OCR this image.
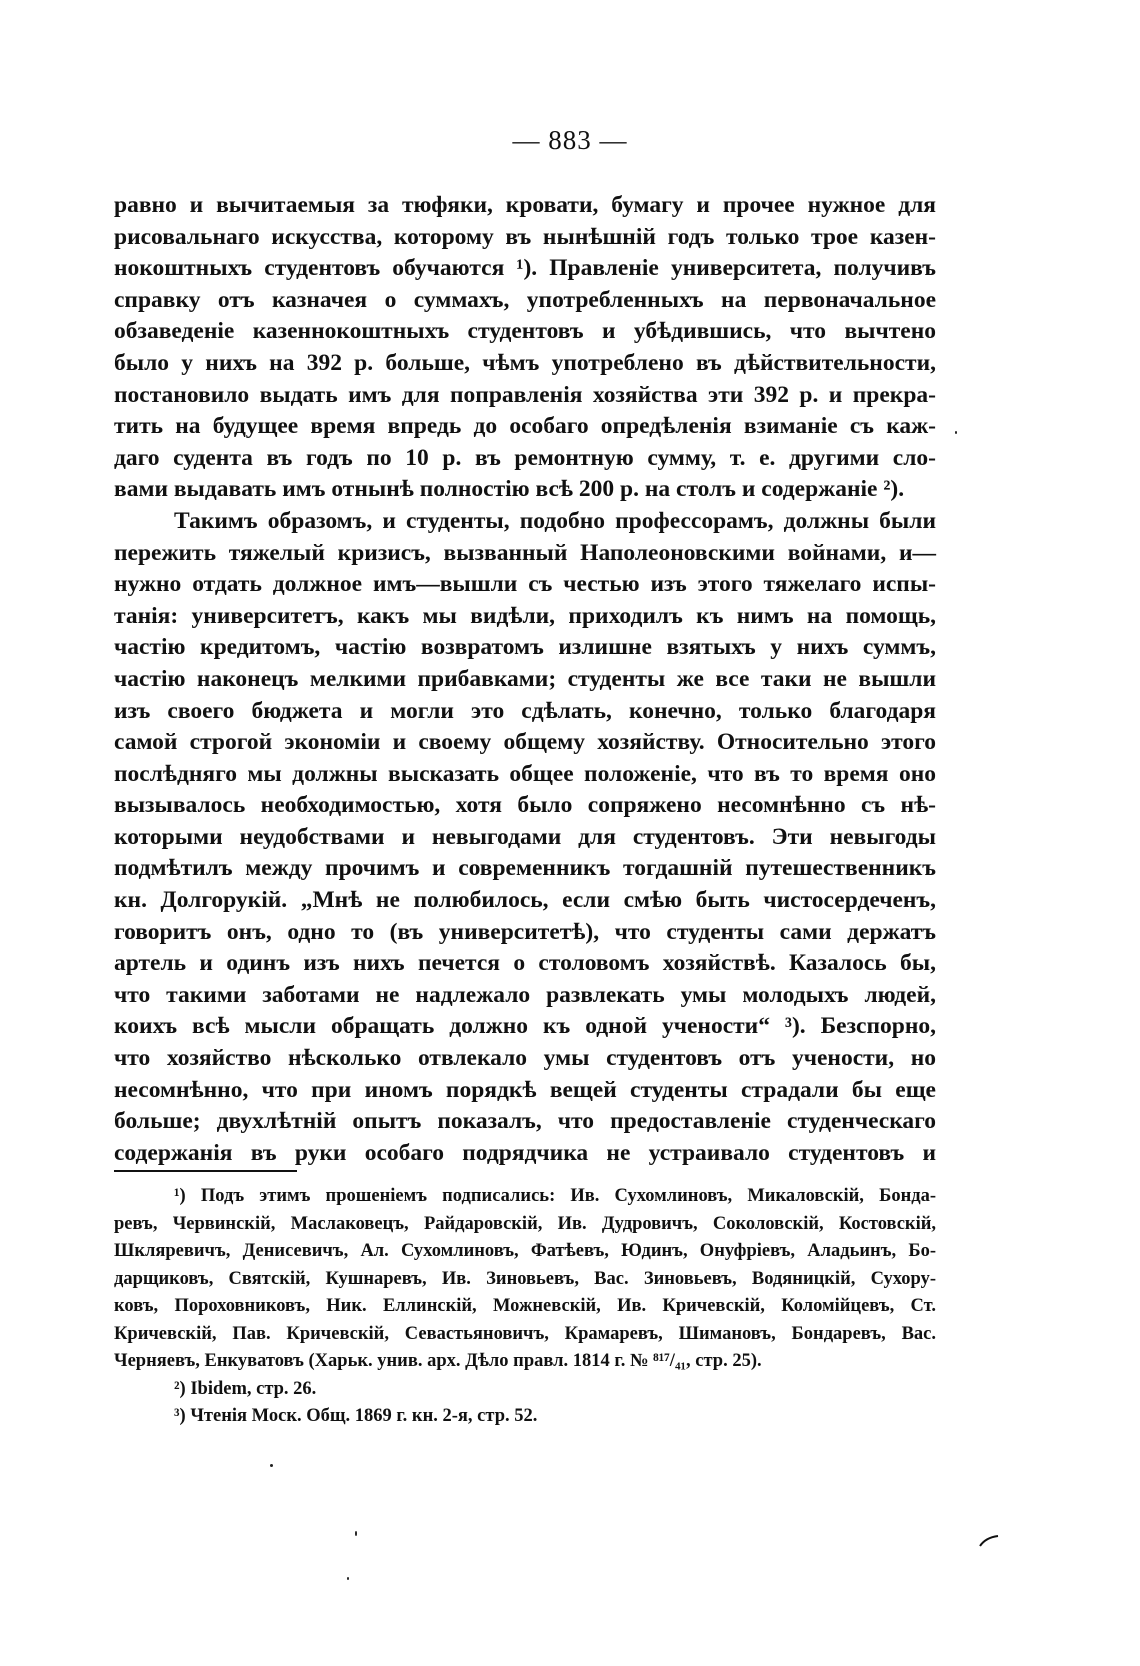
— 883 —
равно и вычитаемыя за тюфяки, кровати, бумагу и прочее нужное для
рисовальнаго искусства, которому въ нынѣшній годъ только трое казен-
нокоштныхъ студентовъ обучаются ¹). Правленіе университета, получивъ
справку отъ казначея о суммахъ, употребленныхъ на первоначальное
обзаведеніе казеннокоштныхъ студентовъ и убѣдившись, что вычтено
было у нихъ на 392 р. больше, чѣмъ употреблено въ дѣйствительности,
постановило выдать имъ для поправленія хозяйства эти 392 р. и прекра-
тить на будущее время впредь до особаго опредѣленія взиманіе съ каж-
даго судента въ годъ по 10 р. въ ремонтную сумму, т. е. другими сло-
вами выдавать имъ отнынѣ полностію всѣ 200 р. на столъ и содержаніе ²).
Такимъ образомъ, и студенты, подобно профессорамъ, должны были
пережить тяжелый кризисъ, вызванный Наполеоновскими войнами, и—
нужно отдать должное имъ—вышли съ честью изъ этого тяжелаго испы-
танія: университетъ, какъ мы видѣли, приходилъ къ нимъ на помощь,
частію кредитомъ, частію возвратомъ излишне взятыхъ у нихъ суммъ,
частію наконецъ мелкими прибавками; студенты же все таки не вышли
изъ своего бюджета и могли это сдѣлать, конечно, только благодаря
самой строгой экономіи и своему общему хозяйству. Относительно этого
послѣдняго мы должны высказать общее положеніе, что въ то время оно
вызывалось необходимостью, хотя было сопряжено несомнѣнно съ нѣ-
которыми неудобствами и невыгодами для студентовъ. Эти невыгоды
подмѣтилъ между прочимъ и современникъ тогдашній путешественникъ
кн. Долгорукій. „Мнѣ не полюбилось, если смѣю быть чистосердеченъ,
говоритъ онъ, одно то (въ университетѣ), что студенты сами держатъ
артель и одинъ изъ нихъ печется о столовомъ хозяйствѣ. Казалось бы,
что такими заботами не надлежало развлекать умы молодыхъ людей,
коихъ всѣ мысли обращать должно къ одной учености“ ³). Безспорно,
что хозяйство нѣсколько отвлекало умы студентовъ отъ учености, но
несомнѣнно, что при иномъ порядкѣ вещей студенты страдали бы еще
больше; двухлѣтній опытъ показалъ, что предоставленіе студенческаго
содержанія въ руки особаго подрядчика не устраивало студентовъ и
¹) Подъ этимъ прошеніемъ подписались: Ив. Сухомлиновъ, Микаловскій, Бонда-
ревъ, Червинскій, Маслаковецъ, Райдаровскій, Ив. Дудровичъ, Соколовскій, Костовскій,
Шкляревичъ, Денисевичъ, Ал. Сухомлиновъ, Фатѣевъ, Юдинъ, Онуфріевъ, Аладьинъ, Бо-
дарщиковъ, Святскій, Кушнаревъ, Ив. Зиновьевъ, Вас. Зиновьевъ, Водяницкій, Сухору-
ковъ, Пороховниковъ, Ник. Еллинскій, Можневскій, Ив. Кричевскій, Коломійцевъ, Ст.
Кричевскій, Пав. Кричевскій, Севастьяновичъ, Крамаревъ, Шимановъ, Бондаревъ, Вас.
Черняевъ, Енкуватовъ (Харьк. унив. арх. Дѣло правл. 1814 г. № ⁸¹⁷/₄₁, стр. 25).
²) Ibidem, стр. 26.
³) Чтенія Моск. Общ. 1869 г. кн. 2-я, стр. 52.
